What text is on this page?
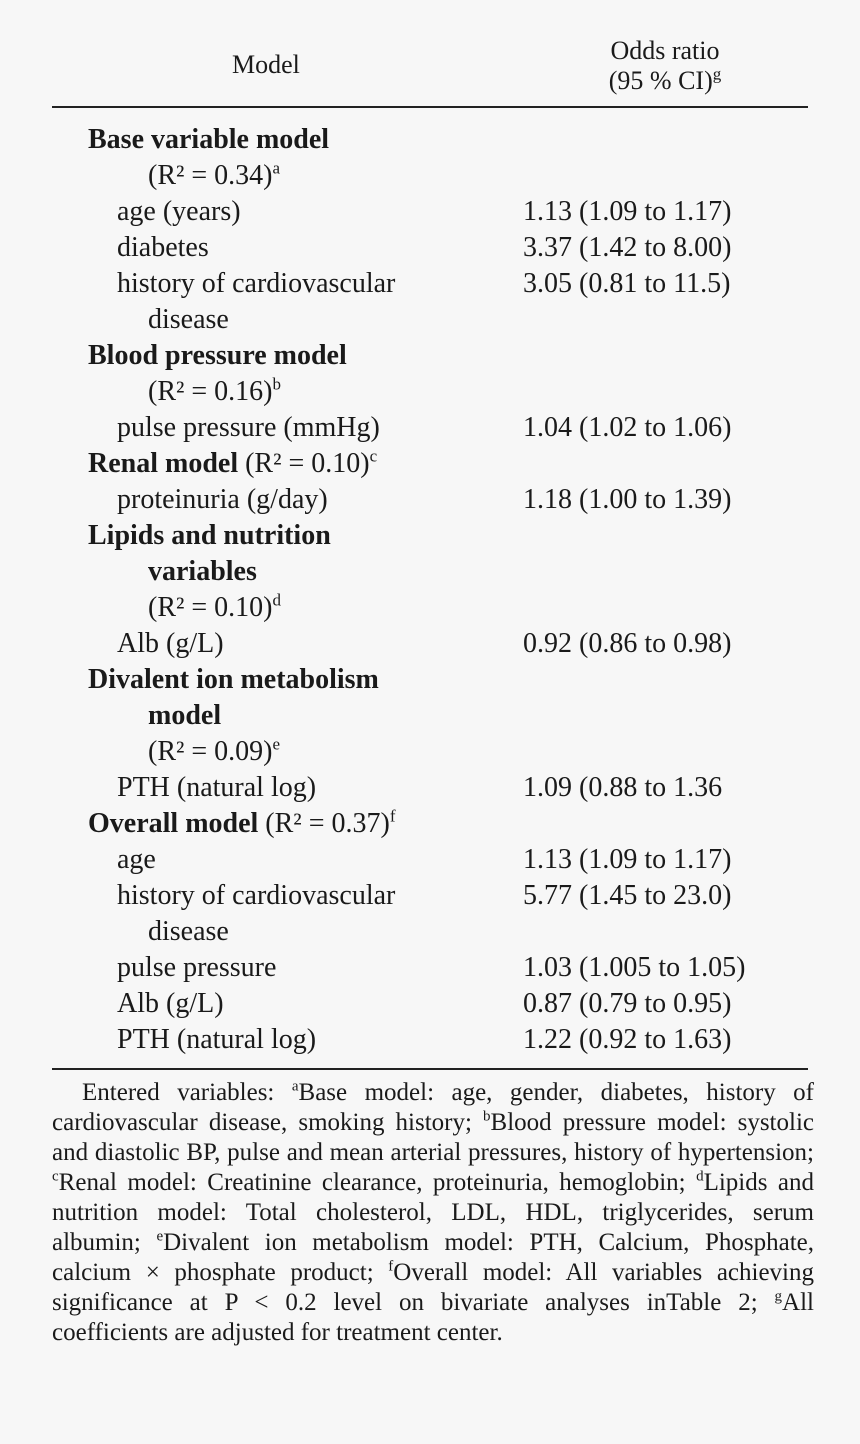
Model	Odds ratio
(95 % CI)$^g$
Base variable model
(R² = 0.34)$^a$
age (years)	1.13 (1.09 to 1.17)
diabetes	3.37 (1.42 to 8.00)
history of cardiovascular	3.05 (0.81 to 11.5)
disease
Blood pressure model
(R² = 0.16)$^b$
pulse pressure (mmHg)	1.04 (1.02 to 1.06)
Renal model (R² = 0.10)$^c$
proteinuria (g/day)	1.18 (1.00 to 1.39)
Lipids and nutrition
variables
(R² = 0.10)$^d$
Alb (g/L)	0.92 (0.86 to 0.98)
Divalent ion metabolism
model
(R² = 0.09)$^e$
PTH (natural log)	1.09 (0.88 to 1.36
Overall model (R² = 0.37)$^f$
age	1.13 (1.09 to 1.17)
history of cardiovascular	5.77 (1.45 to 23.0)
disease
pulse pressure	1.03 (1.005 to 1.05)
Alb (g/L)	0.87 (0.79 to 0.95)
PTH (natural log)	1.22 (0.92 to 1.63)
Entered variables: $^a$Base model: age, gender, diabetes, history of cardiovascular disease, smoking history; $^b$Blood pressure model: systolic and diastolic BP, pulse and mean arterial pressures, history of hypertension; $^c$Renal model: Creatinine clearance, proteinuria, hemoglobin; $^d$Lipids and nutrition model: Total cholesterol, LDL, HDL, triglycerides, serum albumin; $^e$Divalent ion metabolism model: PTH, Calcium, Phosphate, calcium × phosphate product; $^f$Overall model: All variables achieving significance at P < 0.2 level on bivariate analyses inTable 2; $^g$All coefficients are adjusted for treatment center.
